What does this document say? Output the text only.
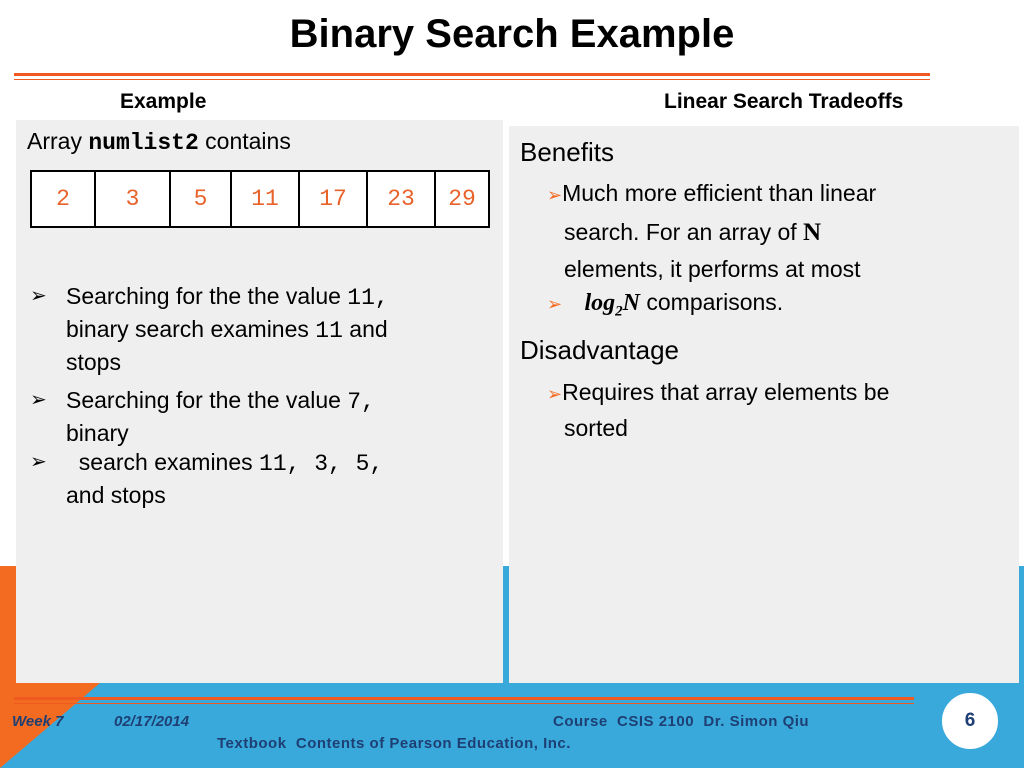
Binary Search Example
Example	Linear Search Tradeoffs
Array numlist2 contains
2	3	5	11	17	23	29
➢ Searching for the the value 11,
binary search examines 11 and
stops
➢ Searching for the the value 7,
binary
➢ search examines 11, 3, 5,
and stops
Benefits
➢Much more efficient than linear
search. For an array of N
elements, it performs at most
➢ $\log_2N$ comparisons.
Disadvantage
➢Requires that array elements be
sorted
Week 7	02/17/2014	Course  CSIS 2100  Dr. Simon Qiu
Textbook  Contents of Pearson Education, Inc.
6
